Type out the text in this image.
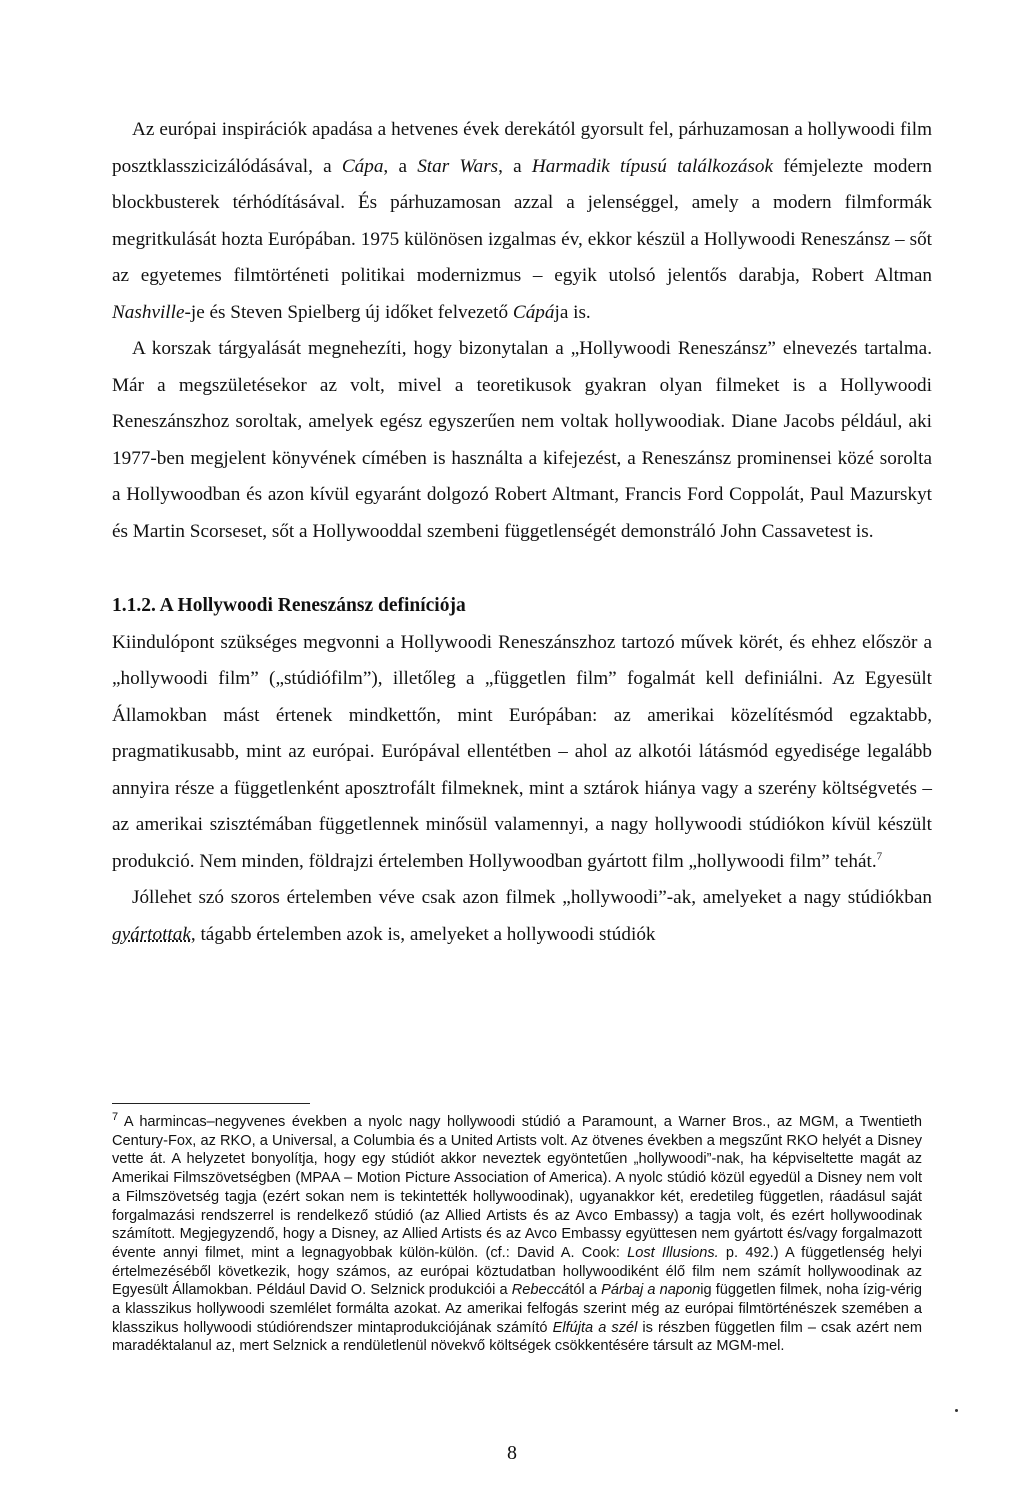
Az európai inspirációk apadása a hetvenes évek derekától gyorsult fel, párhuzamosan a hollywoodi film posztklasszicizálódásával, a Cápa, a Star Wars, a Harmadik típusú találkozások fémjelezte modern blockbusterek térhódításával. És párhuzamosan azzal a jelenséggel, amely a modern filmformák megritkulását hozta Európában. 1975 különösen izgalmas év, ekkor készül a Hollywoodi Reneszánsz – sőt az egyetemes filmtörténeti politikai modernizmus – egyik utolsó jelentős darabja, Robert Altman Nashville-je és Steven Spielberg új időket felvezető Cápája is.

A korszak tárgyalását megnehezíti, hogy bizonytalan a „Hollywoodi Reneszánsz” elnevezés tartalma. Már a megszületésekor az volt, mivel a teoretikusok gyakran olyan filmeket is a Hollywoodi Reneszánszhoz soroltak, amelyek egész egyszerűen nem voltak hollywoodiak. Diane Jacobs például, aki 1977-ben megjelent könyvének címében is használta a kifejezést, a Reneszánsz prominensei közé sorolta a Hollywoodban és azon kívül egyaránt dolgozó Robert Altmant, Francis Ford Coppolát, Paul Mazurskyt és Martin Scorseset, sőt a Hollywooddal szembeni függetlenségét demonstráló John Cassavetest is.

1.1.2. A Hollywoodi Reneszánsz definíciója

Kiindulópont szükséges megvonni a Hollywoodi Reneszánszhoz tartozó művek körét, és ehhez először a „hollywoodi film” („stúdiófilm”), illetőleg a „független film” fogalmát kell definiálni. Az Egyesült Államokban mást értenek mindkettőn, mint Európában: az amerikai közelítésmód egzaktabb, pragmatikusabb, mint az európai. Európával ellentétben – ahol az alkotói látásmód egyedisége legalább annyira része a függetlenként aposztrofált filmeknek, mint a sztárok hiánya vagy a szerény költségvetés – az amerikai szisztémában függetlennek minősül valamennyi, a nagy hollywoodi stúdiókon kívül készült produkció. Nem minden, földrajzi értelemben Hollywoodban gyártott film „hollywoodi film” tehát.$^7$

Jóllehet szó szoros értelemben véve csak azon filmek „hollywoodi”-ak, amelyeket a nagy stúdiókban gyártottak, tágabb értelemben azok is, amelyeket a hollywoodi stúdiók

$^7$ A harmincas–negyvenes években a nyolc nagy hollywoodi stúdió a Paramount, a Warner Bros., az MGM, a Twentieth Century-Fox, az RKO, a Universal, a Columbia és a United Artists volt. Az ötvenes években a megszűnt RKO helyét a Disney vette át. A helyzetet bonyolítja, hogy egy stúdiót akkor neveztek egyöntetűen „hollywoodi”-nak, ha képviseltette magát az Amerikai Filmszövetségben (MPAA – Motion Picture Association of America). A nyolc stúdió közül egyedül a Disney nem volt a Filmszövetség tagja (ezért sokan nem is tekintették hollywoodinak), ugyanakkor két, eredetileg független, ráadásul saját forgalmazási rendszerrel is rendelkező stúdió (az Allied Artists és az Avco Embassy) a tagja volt, és ezért hollywoodinak számított. Megjegyzendő, hogy a Disney, az Allied Artists és az Avco Embassy együttesen nem gyártott és/vagy forgalmazott évente annyi filmet, mint a legnagyobbak külön-külön. (cf.: David A. Cook: Lost Illusions. p. 492.) A függetlenség helyi értelmezéséből következik, hogy számos, az európai köztudatban hollywoodiként élő film nem számít hollywoodinak az Egyesült Államokban. Például David O. Selznick produkciói a Rebeccától a Párbaj a naponig független filmek, noha ízig-vérig a klasszikus hollywoodi szemlélet formálta azokat. Az amerikai felfogás szerint még az európai filmtörténészek szemében a klasszikus hollywoodi stúdiórendszer mintaprodukciójának számító Elfújta a szél is részben független film – csak azért nem maradéktalanul az, mert Selznick a rendületlenül növekvő költségek csökkentésére társult az MGM-mel.

8
